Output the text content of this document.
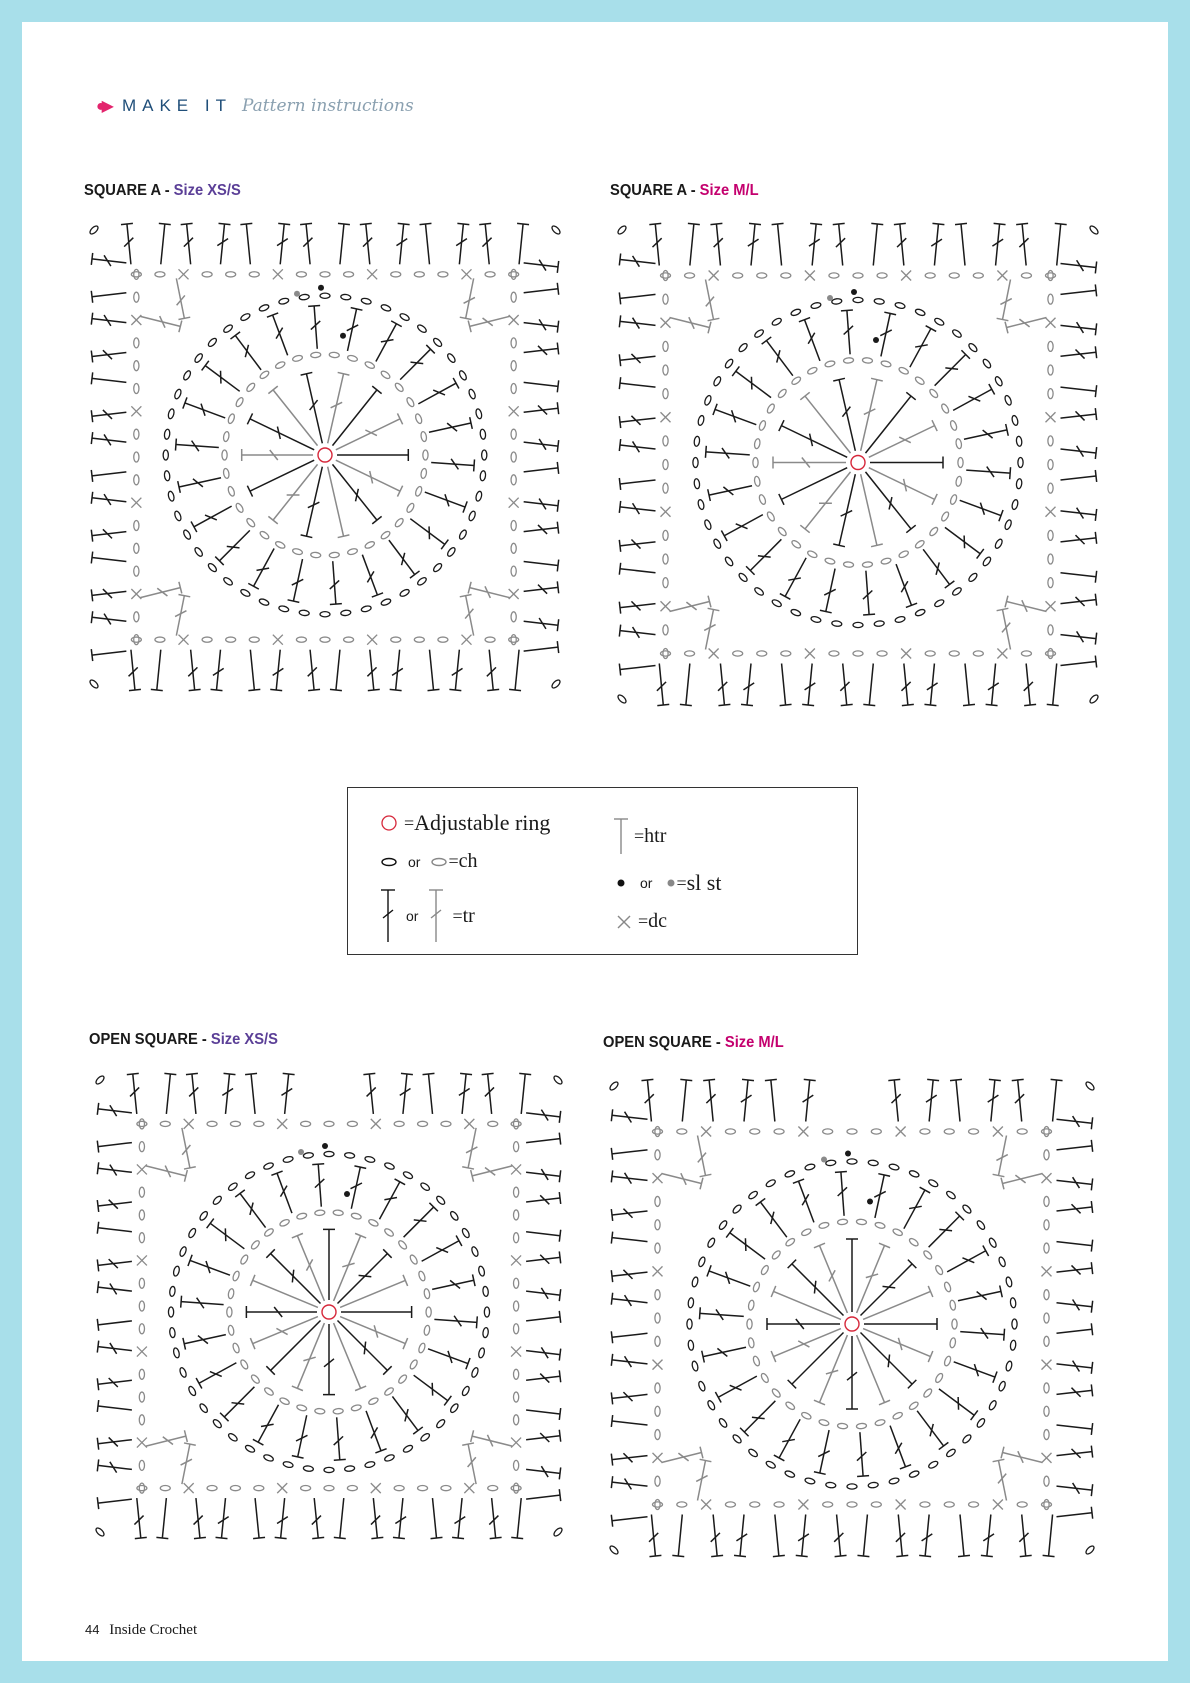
●▶ MAKE IT Pattern instructions
SQUARE A - Size XS/S	SQUARE A - Size M/L
OPEN SQUARE - Size XS/S	OPEN SQUARE - Size M/L
= Adjustable ring
or = ch
or = tr
= htr
or = sl st
= dc
44 Inside Crochet
